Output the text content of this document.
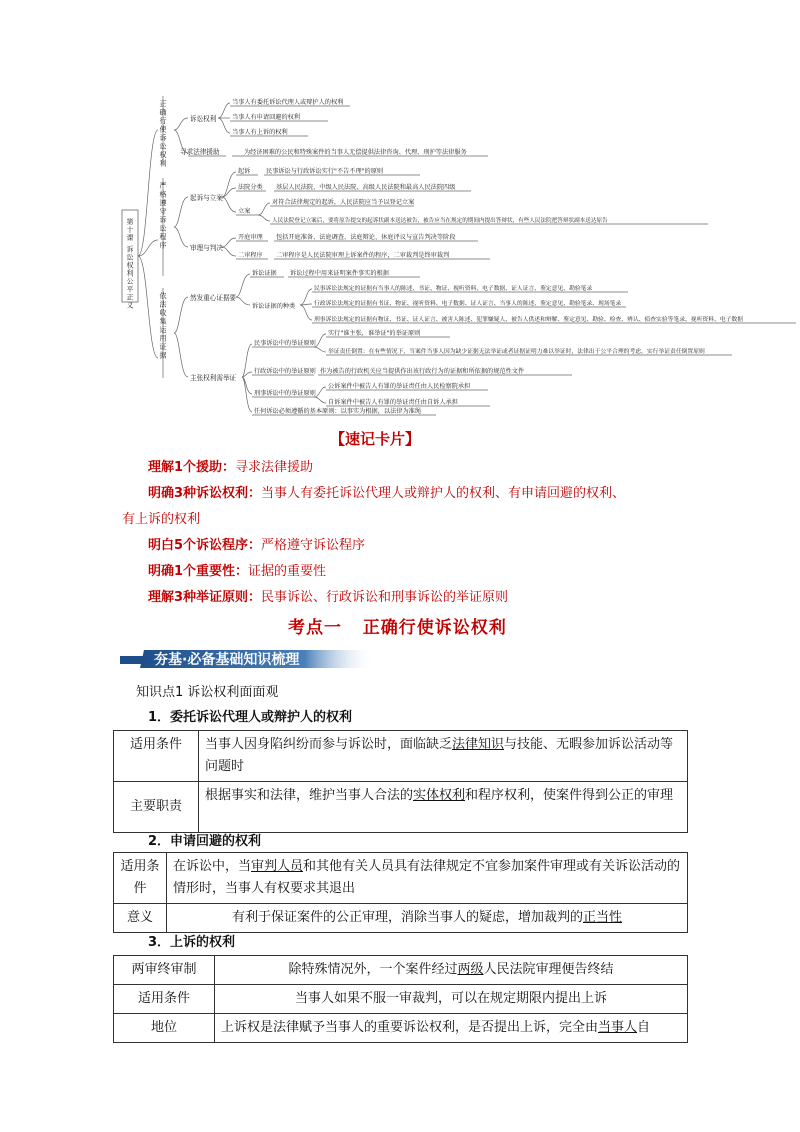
第十课 诉讼权利公平正义
正确行使诉讼权利
严格遵守诉讼程序
依法收集运用证据
诉讼权利
当事人有委托诉讼代理人或辩护人的权利
当事人有申请回避的权利
当事人有上诉的权利
寻求法律援助	为经济困难的公民和特殊案件的当事人无偿提供法律咨询、代理、刑护等法律服务
起诉与立案
起诉	民事诉讼与行政诉讼实行"不告不理"的原则
法院分类 基层人民法院、中级人民法院、高级人民法院和最高人民法院四级
立案
对符合法律规定的起诉，人民法院应当予以登记立案
人民法院登记立案后，要将原告提交的起诉状副本送达被告，被告应当在规定的期间内提出答辩状，有些人民法院把答辩状副本送达原告
审理与判决
开庭审理 包括开庭准备、法庭调查、法庭辩论、休庭评议与宣告判决等阶段
二审程序 二审程序是人民法院审理上诉案件的程序，二审裁判是终审裁判
然发重心证据要
诉讼证据 诉讼过程中用来证明案件事实的根据
诉讼证据的种类
民事诉讼法规定的证据有当事人的陈述、书证、物证、视听资料、电子数据、证人证言、鉴定意见、勘验笔录
行政诉讼法规定的证据有书证、物证、视听资料、电子数据、证人证言、当事人的陈述、鉴定意见、勘验笔录、现场笔录
刑事诉讼法规定的证据有物证、书证、证人证言、被害人陈述、犯罪嫌疑人、被告人供述和辩解、鉴定意见、勘验、检查、辨认、侦查实验等笔录、视听资料、电子数据
主张权利需举证
民事诉讼中的举证原则
实行"谁主张，谁举证"的举证原则
举证责任倒置：在有些情况下，当案件当事人因为缺少证据无法举证或者证据证明力难以举证时，法律出于公平合理的考虑，实行举证责任倒置原则
行政诉讼中的举证原则 作为被告的行政机关应当提供作出该行政行为的证据和所依据的规范性文件
刑事诉讼中的举证原则
公诉案件中被告人有罪的举证责任由人民检察院承担
自诉案件中被告人有罪的举证责任由自诉人承担
任何诉讼必须遵循的基本原则：以事实为根据，以法律为准绳
【速记卡片】
理解1个援助：寻求法律援助
明确3种诉讼权利：当事人有委托诉讼代理人或辩护人的权利、有申请回避的权利、
有上诉的权利
明白5个诉讼程序：严格遵守诉讼程序
明确1个重要性：证据的重要性
理解3种举证原则：民事诉讼、行政诉讼和刑事诉讼的举证原则
考点一 正确行使诉讼权利
夯基·必备基础知识梳理
知识点1 诉讼权利面面观
1．委托诉讼代理人或辩护人的权利
适用条件	当事人因身陷纠纷而参与诉讼时，面临缺乏法律知识与技能、无暇参加诉讼活动等问题时
主要职责	根据事实和法律，维护当事人合法的实体权利和程序权利，使案件得到公正的审理
2．申请回避的权利
适用条件	在诉讼中，当审判人员和其他有关人员具有法律规定不宜参加案件审理或有关诉讼活动的情形时，当事人有权要求其退出
意义	有利于保证案件的公正审理，消除当事人的疑虑，增加裁判的正当性
3．上诉的权利
两审终审制	除特殊情况外，一个案件经过两级人民法院审理便告终结
适用条件	当事人如果不服一审裁判，可以在规定期限内提出上诉
地位	上诉权是法律赋予当事人的重要诉讼权利，是否提出上诉，完全由当事人自
